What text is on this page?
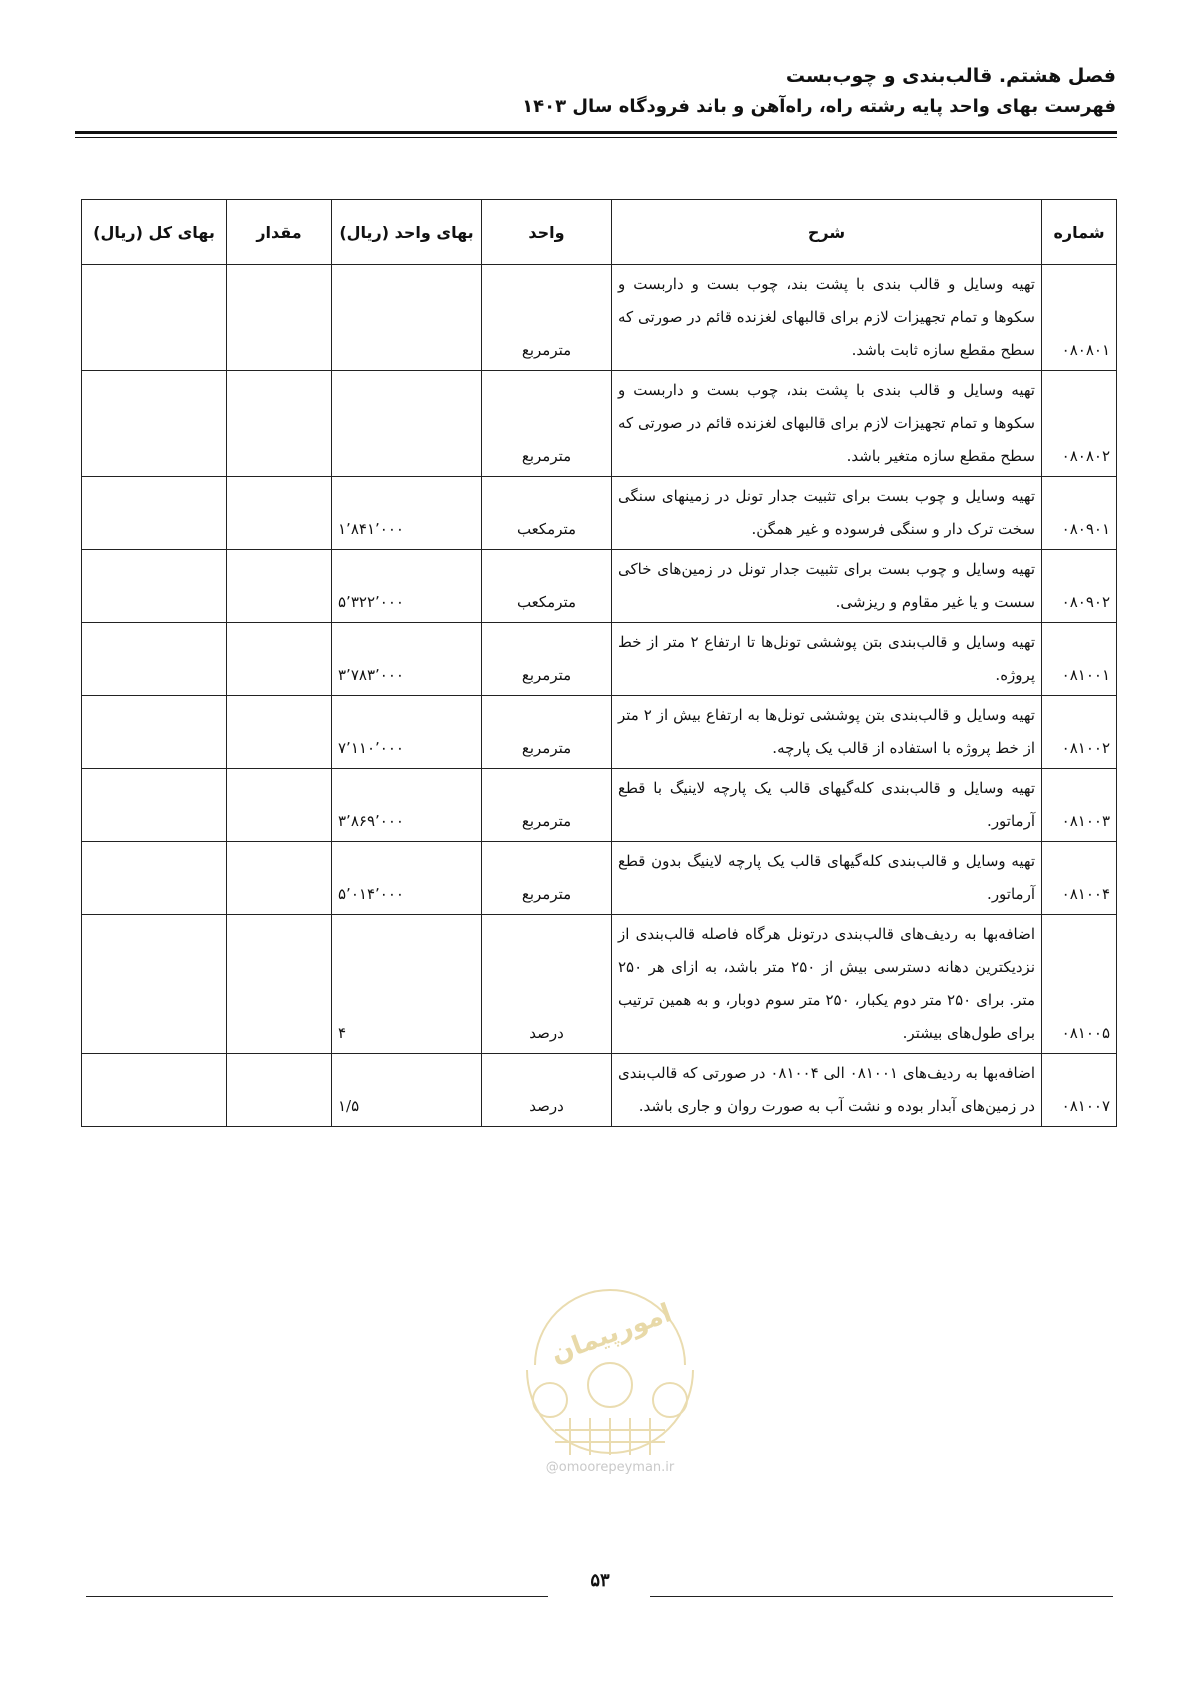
فصل هشتم. قالب‌بندی و چوب‌بست
فهرست بهای واحد پایه رشته راه، راه‌آهن و باند فرودگاه سال ۱۴۰۳
شماره	شرح	واحد	بهای واحد (ریال)	مقدار	بهای کل (ریال)
۰۸۰۸۰۱	تهیه وسایل و قالب بندی با پشت بند، چوب بست و داربست و سکوها و تمام تجهیزات لازم برای قالبهای لغزنده قائم در صورتی که سطح مقطع سازه ثابت باشد.	مترمربع			
۰۸۰۸۰۲	تهیه وسایل و قالب بندی با پشت بند، چوب بست و داربست و سکوها و تمام تجهیزات لازم برای قالبهای لغزنده قائم در صورتی که سطح مقطع سازه متغیر باشد.	مترمربع			
۰۸۰۹۰۱	تهیه وسایل و چوب بست برای تثبیت جدار تونل در زمینهای سنگی سخت ترک دار و سنگی فرسوده و غیر همگن.	مترمکعب	۱٬۸۴۱٬۰۰۰		
۰۸۰۹۰۲	تهیه وسایل و چوب بست برای تثبیت جدار تونل در زمین‌های خاکی سست و یا غیر مقاوم و ریزشی.	مترمکعب	۵٬۳۲۲٬۰۰۰		
۰۸۱۰۰۱	تهیه وسایل و قالب‌بندی بتن پوششی تونل‌ها تا ارتفاع ۲ متر از خط پروژه.	مترمربع	۳٬۷۸۳٬۰۰۰		
۰۸۱۰۰۲	تهیه وسایل و قالب‌بندی بتن پوششی تونل‌ها به ارتفاع بیش از ۲ متر از خط پروژه با استفاده از قالب یک پارچه.	مترمربع	۷٬۱۱۰٬۰۰۰		
۰۸۱۰۰۳	تهیه وسایل و قالب‌بندی کله‌گیهای قالب یک پارچه لاینیگ با قطع آرماتور.	مترمربع	۳٬۸۶۹٬۰۰۰		
۰۸۱۰۰۴	تهیه وسایل و قالب‌بندی کله‌گیهای قالب یک پارچه لاینیگ بدون قطع آرماتور.	مترمربع	۵٬۰۱۴٬۰۰۰		
۰۸۱۰۰۵	اضافه‌بها به ردیف‌های قالب‌بندی درتونل هرگاه فاصله قالب‌بندی از نزدیکترین دهانه دسترسی بیش از ۲۵۰ متر باشد، به ازای هر ۲۵۰ متر. برای ۲۵۰ متر دوم یکبار، ۲۵۰ متر سوم دوبار، و به همین ترتیب برای طول‌های بیشتر.	درصد	۴		
۰۸۱۰۰۷	اضافه‌بها به ردیف‌های ۰۸۱۰۰۱ الی ۰۸۱۰۰۴ در صورتی که قالب‌بندی در زمین‌های آبدار بوده و نشت آب به صورت روان و جاری باشد.	درصد	۱/۵		
امورپیمان
@omoorepeyman.ir
۵۳
